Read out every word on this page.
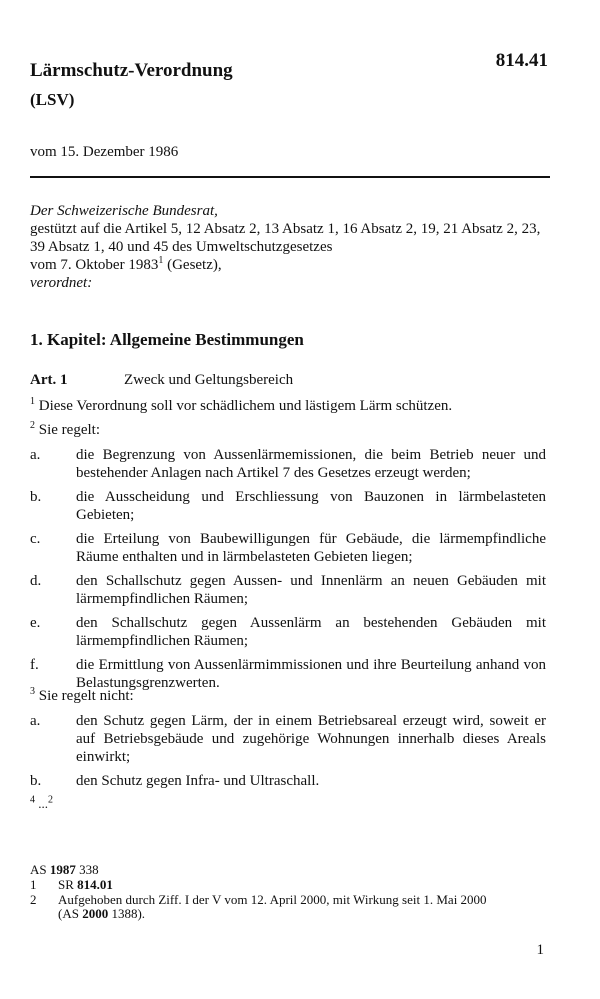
Lärmschutz-Verordnung
(LSV)
814.41
vom 15. Dezember 1986
Der Schweizerische Bundesrat,
gestützt auf die Artikel 5, 12 Absatz 2, 13 Absatz 1, 16 Absatz 2, 19, 21 Absatz 2, 23, 39 Absatz 1, 40 und 45 des Umweltschutzgesetzes
vom 7. Oktober 1983$^1$ (Gesetz),
verordnet:
1. Kapitel: Allgemeine Bestimmungen
Art. 1	Zweck und Geltungsbereich
$^1$ Diese Verordnung soll vor schädlichem und lästigem Lärm schützen.
$^2$ Sie regelt:
a.	die Begrenzung von Aussenlärmemissionen, die beim Betrieb neuer und bestehender Anlagen nach Artikel 7 des Gesetzes erzeugt werden;
b.	die Ausscheidung und Erschliessung von Bauzonen in lärmbelasteten Gebieten;
c.	die Erteilung von Baubewilligungen für Gebäude, die lärmempfindliche Räume enthalten und in lärmbelasteten Gebieten liegen;
d.	den Schallschutz gegen Aussen- und Innenlärm an neuen Gebäuden mit lärmempfindlichen Räumen;
e.	den Schallschutz gegen Aussenlärm an bestehenden Gebäuden mit lärmempfindlichen Räumen;
f.	die Ermittlung von Aussenlärmimmissionen und ihre Beurteilung anhand von Belastungsgrenzwerten.
$^3$ Sie regelt nicht:
a.	den Schutz gegen Lärm, der in einem Betriebsareal erzeugt wird, soweit er auf Betriebsgebäude und zugehörige Wohnungen innerhalb dieses Areals einwirkt;
b.	den Schutz gegen Infra- und Ultraschall.
$^4$ ...$^2$
AS 1987 338
1	SR 814.01
2	Aufgehoben durch Ziff. I der V vom 12. April 2000, mit Wirkung seit 1. Mai 2000
(AS 2000 1388).
1
